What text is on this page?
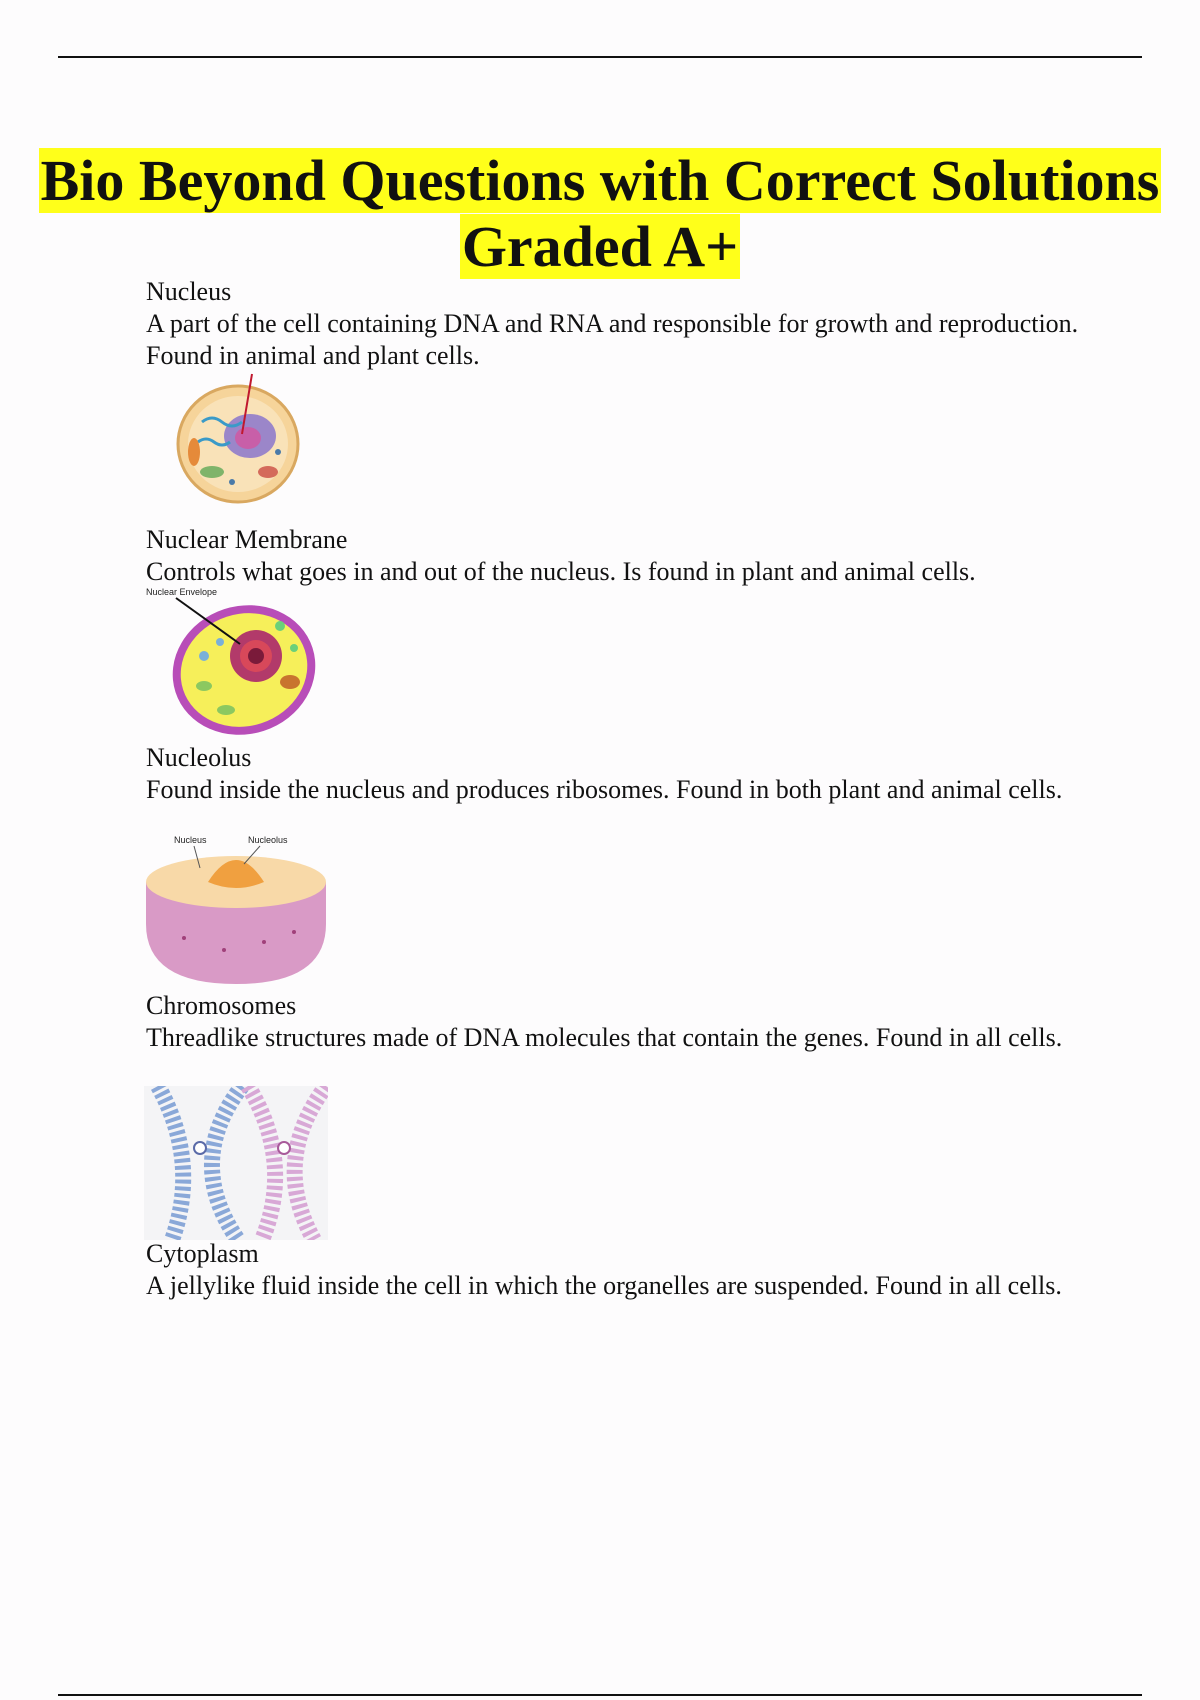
Bio Beyond Questions with Correct Solutions Graded A+
Nucleus
A part of the cell containing DNA and RNA and responsible for growth and reproduction. Found in animal and plant cells.
Nuclear Membrane
Controls what goes in and out of the nucleus. Is found in plant and animal cells.
Nuclear Envelope
Nucleolus
Found inside the nucleus and produces ribosomes. Found in both plant and animal cells.
Nucleus	Nucleolus
Chromosomes
Threadlike structures made of DNA molecules that contain the genes. Found in all cells.
Cytoplasm
A jellylike fluid inside the cell in which the organelles are suspended. Found in all cells.
